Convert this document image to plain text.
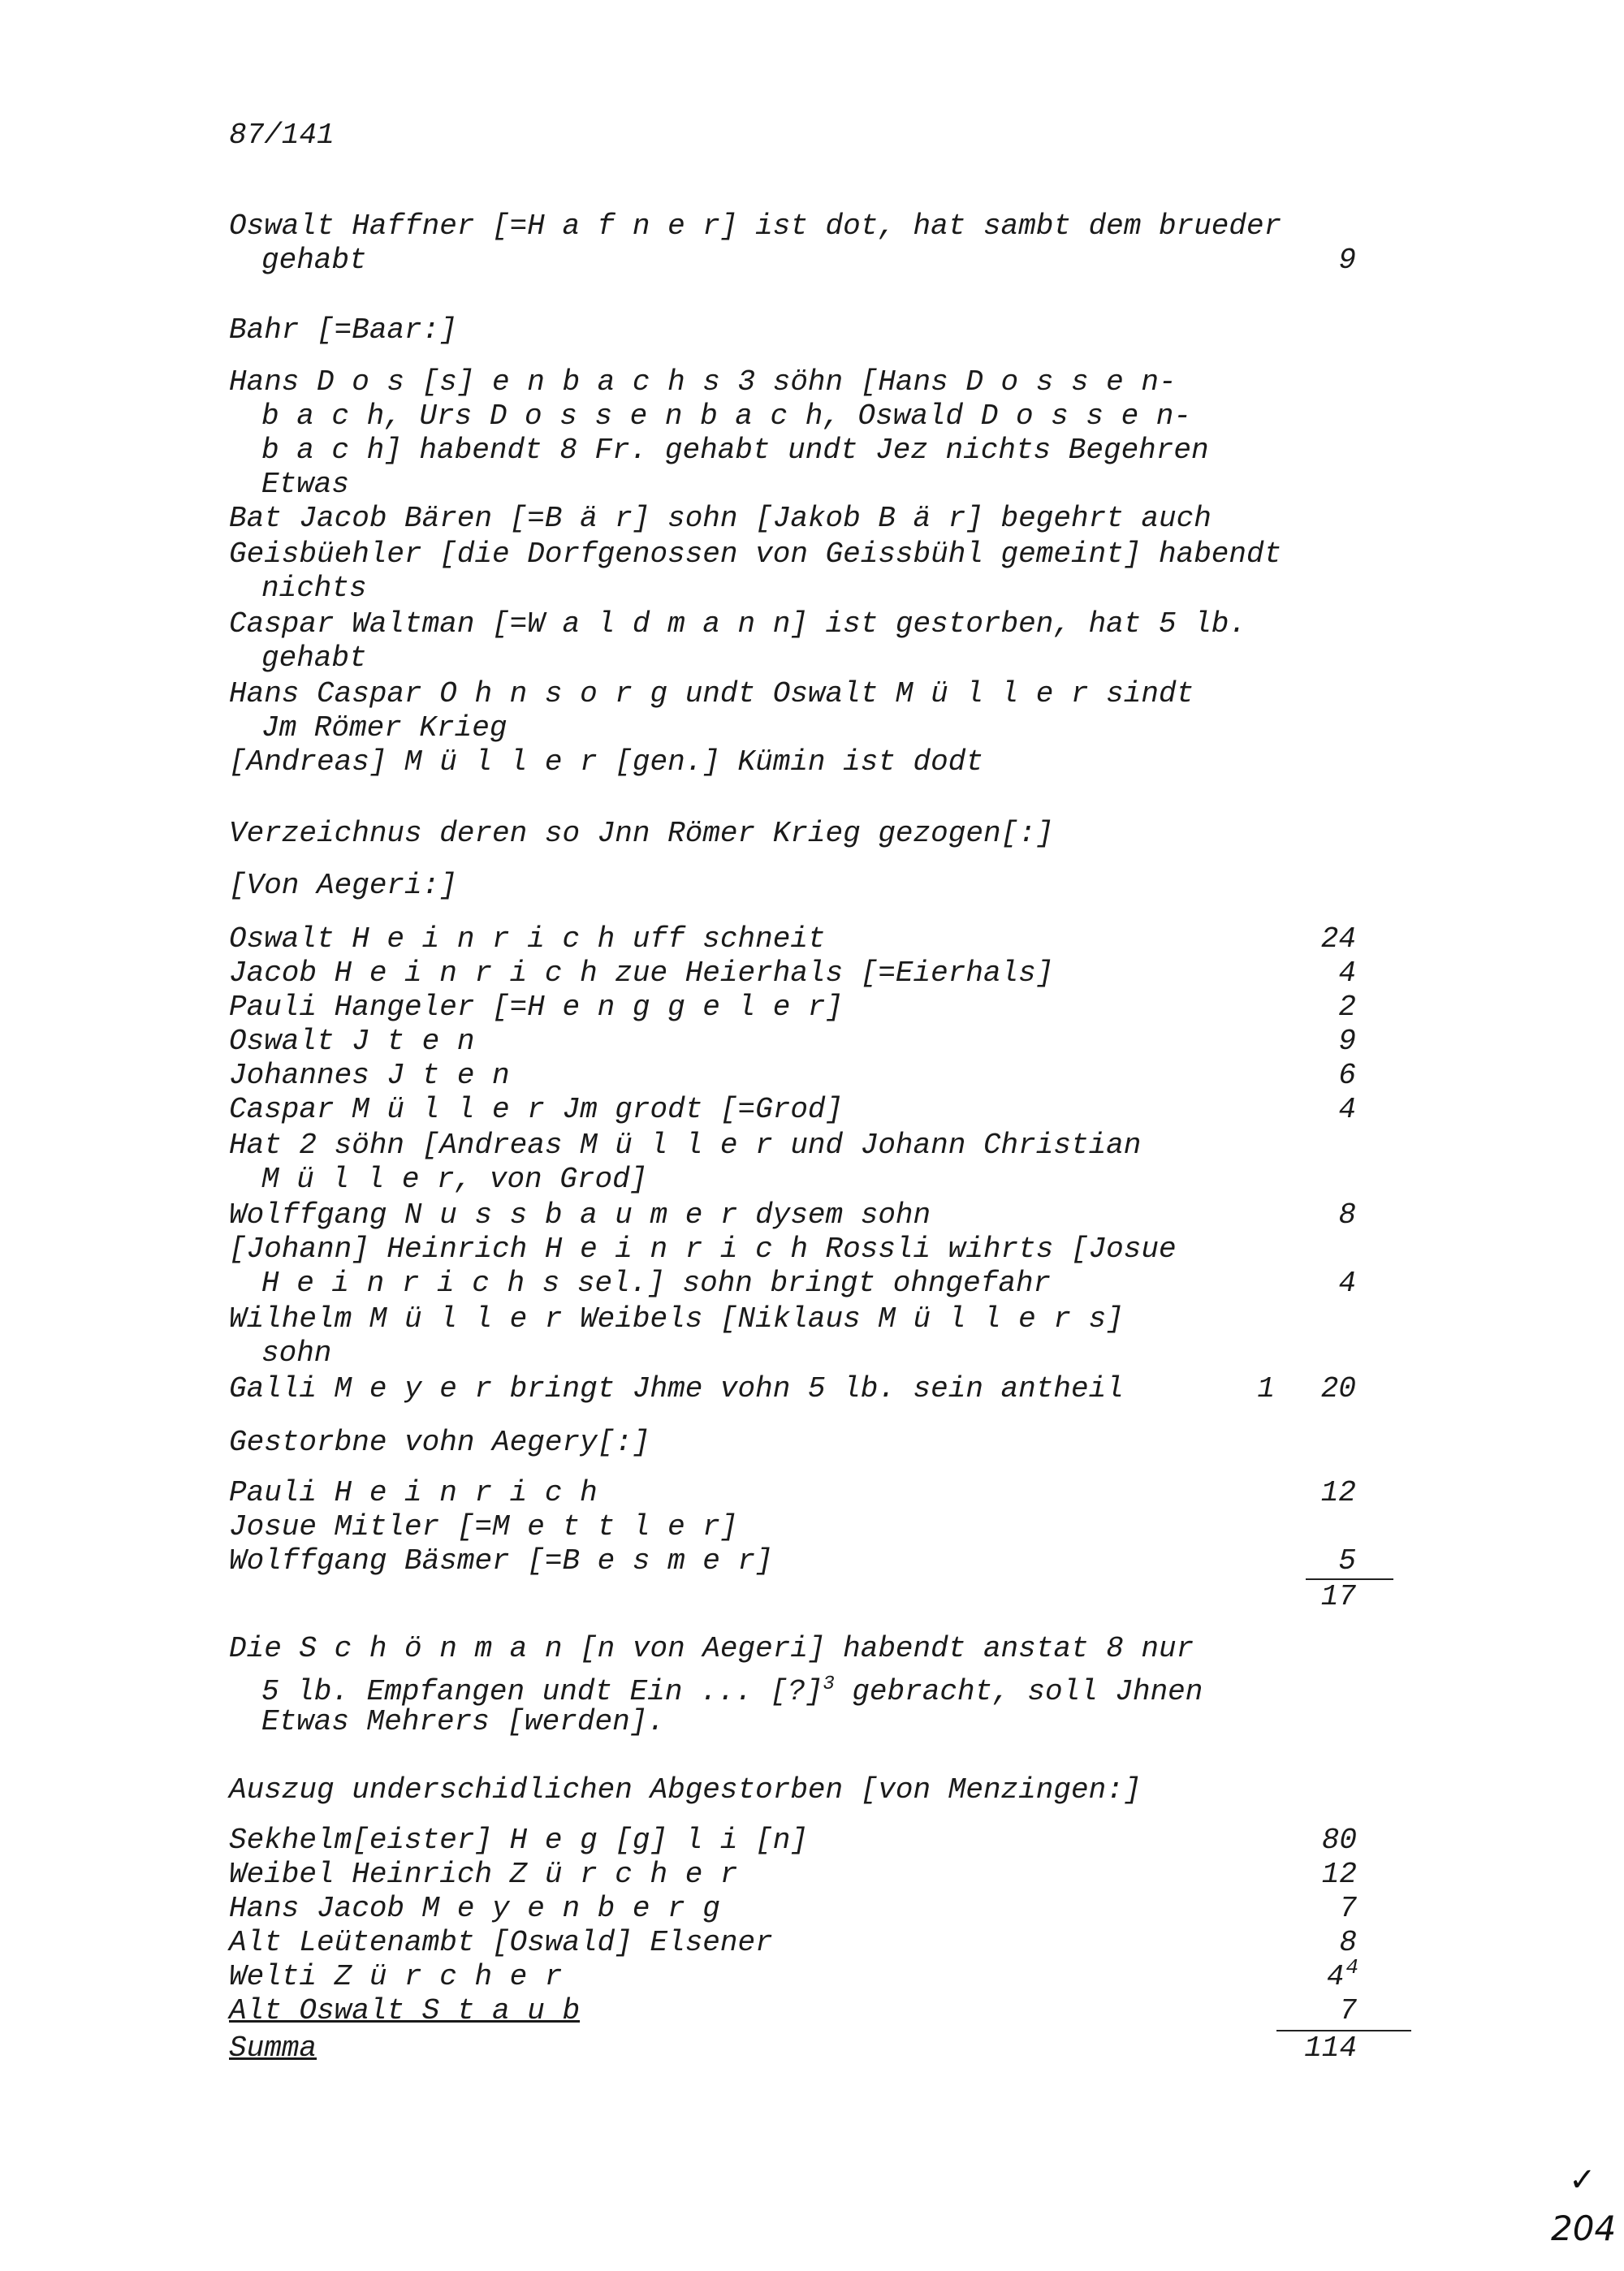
87/141
Oswalt Haffner [=H a f n e r] ist dot, hat sambt dem brueder
gehabt	9
Bahr [=Baar:]
Hans D o s [s] e n b a c h s 3 söhn [Hans D o s s e n-
b a c h, Urs D o s s e n b a c h, Oswald D o s s e n-
b a c h] habendt 8 Fr. gehabt undt Jez nichts Begehren
Etwas
Bat Jacob Bären [=B ä r] sohn [Jakob B ä r] begehrt auch
Geisbüehler [die Dorfgenossen von Geissbühl gemeint] habendt
nichts
Caspar Waltman [=W a l d m a n n] ist gestorben, hat 5 lb.
gehabt
Hans Caspar O h n s o r g undt Oswalt M ü l l e r sindt
Jm Römer Krieg
[Andreas] M ü l l e r [gen.] Kümin ist dodt
Verzeichnus deren so Jnn Römer Krieg gezogen[:]
[Von Aegeri:]
Oswalt H e i n r i c h uff schneit	24
Jacob H e i n r i c h zue Heierhals [=Eierhals]	4
Pauli Hangeler [=H e n g g e l e r]	2
Oswalt J t e n	9
Johannes J t e n	6
Caspar M ü l l e r Jm grodt [=Grod]	4
Hat 2 söhn [Andreas M ü l l e r und Johann Christian
M ü l l e r, von Grod]
Wolffgang N u s s b a u m e r dysem sohn	8
[Johann] Heinrich H e i n r i c h Rossli wihrts [Josue
H e i n r i c h s sel.] sohn bringt ohngefahr	4
Wilhelm M ü l l e r Weibels [Niklaus M ü l l e r s]
sohn
Galli M e y e r bringt Jhme vohn 5 lb. sein antheil	1	20
Gestorbne vohn Aegery[:]
Pauli H e i n r i c h	12
Josue Mitler [=M e t t l e r]
Wolffgang Bäsmer [=B e s m e r]	5
17
Die S c h ö n m a n [n von Aegeri] habendt anstat 8 nur
5 lb. Empfangen undt Ein ... [?]$^3$ gebracht, soll Jhnen
Etwas Mehrers [werden].
Auszug underschidlichen Abgestorben [von Menzingen:]
Sekhelm[eister] H e g [g] l i [n]	80
Weibel Heinrich Z ü r c h e r	12
Hans Jacob M e y e n b e r g	7
Alt Leütenambt [Oswald] Elsener	8
Welti Z ü r c h e r	$4^4$
Alt Oswalt S t a u b	7
Summa	114
✓
204
